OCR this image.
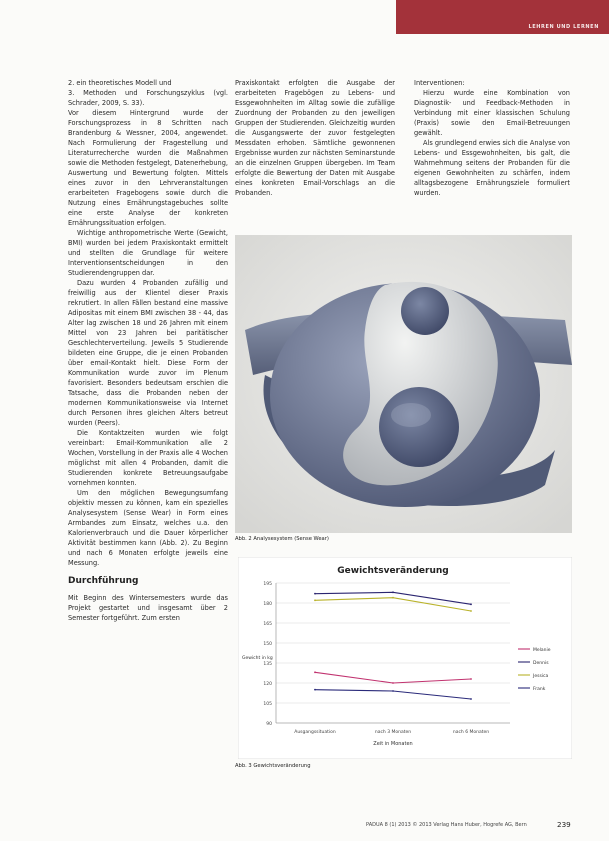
LEHREN UND LERNEN

2. ein theoretisches Modell und

3. Methoden und Forschungszyklus (vgl. Schrader, 2009, S. 33).

Vor diesem Hintergrund wurde der Forschungsprozess in 8 Schritten nach Brandenburg & Wessner, 2004, angewendet. Nach Formulierung der Fragestellung und Literaturrecherche wurden die Maßnahmen sowie die Methoden festgelegt, Datenerhebung, Auswertung und Bewertung folgten. Mittels eines zuvor in den Lehrveranstaltungen erarbeiteten Fragebogens sowie durch die Nutzung eines Ernährungstagebuches sollte eine erste Analyse der konkreten Ernährungssituation erfolgen.

Wichtige anthropometrische Werte (Gewicht, BMI) wurden bei jedem Praxiskontakt ermittelt und stellten die Grundlage für weitere Interventionsentscheidungen in den Studierendengruppen dar.

Dazu wurden 4 Probanden zufällig und freiwillig aus der Klientel dieser Praxis rekrutiert. In allen Fällen bestand eine massive Adipositas mit einem BMI zwischen 38 - 44, das Alter lag zwischen 18 und 26 Jahren mit einem Mittel von 23 Jahren bei paritätischer Geschlechterverteilung. Jeweils 5 Studierende bildeten eine Gruppe, die je einen Probanden über email-Kontakt hielt. Diese Form der Kommunikation wurde zuvor im Plenum favorisiert. Besonders bedeutsam erschien die Tatsache, dass die Probanden neben der modernen Kommunikationsweise via Internet durch Personen ihres gleichen Alters betreut wurden (Peers).

Die Kontaktzeiten wurden wie folgt vereinbart: Email-Kommunikation alle 2 Wochen, Vorstellung in der Praxis alle 4 Wochen möglichst mit allen 4 Probanden, damit die Studierenden konkrete Betreuungsaufgabe vornehmen konnten.

Um den möglichen Bewegungsumfang objektiv messen zu können, kam ein spezielles Analysesystem (Sense Wear) in Form eines Armbandes zum Einsatz, welches u.a. den Kalorienverbrauch und die Dauer körperlicher Aktivität bestimmen kann (Abb. 2). Zu Beginn und nach 6 Monaten erfolgte jeweils eine Messung.

Durchführung

Mit Beginn des Wintersemesters wurde das Projekt gestartet und insgesamt über 2 Semester fortgeführt. Zum ersten

Praxiskontakt erfolgten die Ausgabe der erarbeiteten Fragebögen zu Lebens- und Essgewohnheiten im Alltag sowie die zufällige Zuordnung der Probanden zu den jeweiligen Gruppen der Studierenden. Gleichzeitig wurden die Ausgangswerte der zuvor festgelegten Messdaten erhoben. Sämtliche gewonnenen Ergebnisse wurden zur nächsten Seminarstunde an die einzelnen Gruppen übergeben. Im Team erfolgte die Bewertung der Daten mit Ausgabe eines konkreten Email-Vorschlags an die Probanden.

Interventionen:

Hierzu wurde eine Kombination von Diagnostik- und Feedback-Methoden in Verbindung mit einer klassischen Schulung (Praxis) sowie den Email-Betreuungen gewählt.

Als grundlegend erwies sich die Analyse von Lebens- und Essgewohnheiten, bis galt, die Wahrnehmung seitens der Probanden für die eigenen Gewohnheiten zu schärfen, indem alltagsbezogene Ernährungsziele formuliert wurden.

Abb. 2 Analysesystem (Sense Wear)
Gewichtsveränderung
90
105
120
135
150
165
180
195
Ausgangssituation	nach 3 Monaten	nach 6 Monaten
Zeit in Monaten
Gewicht in kg
Melanie
Dennis
Jessica
Frank
Abb. 3 Gewichtsveränderung
PADUA 8 (1) 2013 © 2013 Verlag Hans Huber, Hogrefe AG, Bern	239
